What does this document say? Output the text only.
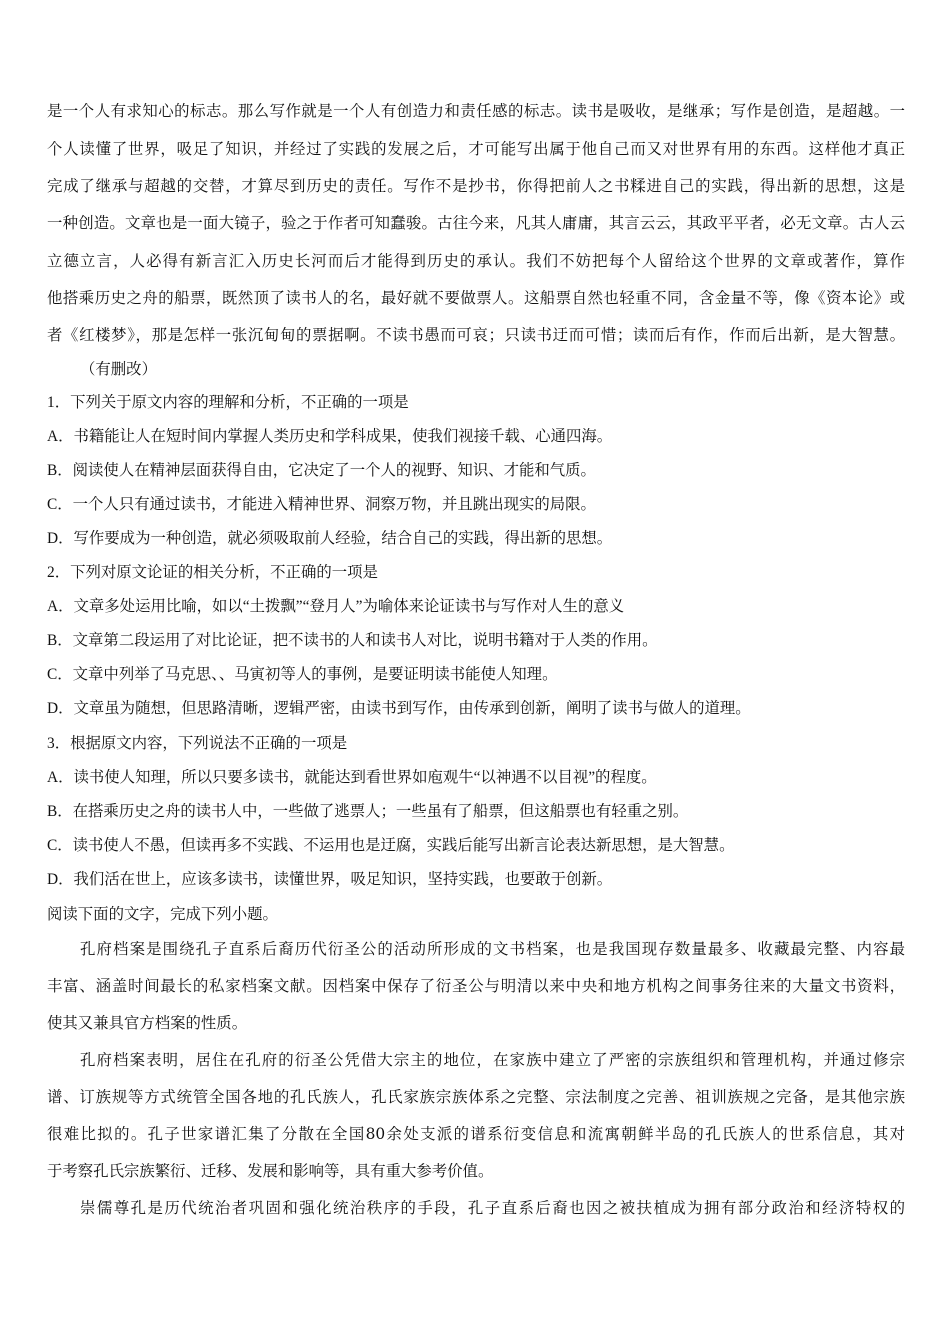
是一个人有求知心的标志。那么写作就是一个人有创造力和责任感的标志。读书是吸收，是继承；写作是创造，是超越。一
个人读懂了世界，吸足了知识，并经过了实践的发展之后，才可能写出属于他自己而又对世界有用的东西。这样他才真正
完成了继承与超越的交替，才算尽到历史的责任。写作不是抄书，你得把前人之书糅进自己的实践，得出新的思想，这是
一种创造。文章也是一面大镜子，验之于作者可知蠢骏。古往今来，凡其人庸庸，其言云云，其政平平者，必无文章。古人云
立德立言，人必得有新言汇入历史长河而后才能得到历史的承认。我们不妨把每个人留给这个世界的文章或著作，算作
他搭乘历史之舟的船票，既然顶了读书人的名，最好就不要做票人。这船票自然也轻重不同，含金量不等，像《资本论》或
者《红楼梦》，那是怎样一张沉甸甸的票据啊。不读书愚而可哀；只读书迂而可惜；读而后有作，作而后出新，是大智慧。
（有删改）
1．下列关于原文内容的理解和分析，不正确的一项是
A．书籍能让人在短时间内掌握人类历史和学科成果，使我们视接千载、心通四海。
B．阅读使人在精神层面获得自由，它决定了一个人的视野、知识、才能和气质。
C．一个人只有通过读书，才能进入精神世界、洞察万物，并且跳出现实的局限。
D．写作要成为一种创造，就必须吸取前人经验，结合自己的实践，得出新的思想。
2．下列对原文论证的相关分析，不正确的一项是
A．文章多处运用比喻，如以“土拨飘”“登月人”为喻体来论证读书与写作对人生的意义
B．文章第二段运用了对比论证，把不读书的人和读书人对比，说明书籍对于人类的作用。
C．文章中列举了马克思、、马寅初等人的事例，是要证明读书能使人知理。
D．文章虽为随想，但思路清晰，逻辑严密，由读书到写作，由传承到创新，阐明了读书与做人的道理。
3．根据原文内容，下列说法不正确的一项是
A．读书使人知理，所以只要多读书，就能达到看世界如庖观牛“以神遇不以目视”的程度。
B．在搭乘历史之舟的读书人中，一些做了逃票人；一些虽有了船票，但这船票也有轻重之别。
C．读书使人不愚，但读再多不实践、不运用也是迂腐，实践后能写出新言论表达新思想，是大智慧。
D．我们活在世上，应该多读书，读懂世界，吸足知识，坚持实践，也要敢于创新。
阅读下面的文字，完成下列小题。
孔府档案是围绕孔子直系后裔历代衍圣公的活动所形成的文书档案，也是我国现存数量最多、收藏最完整、内容最
丰富、涵盖时间最长的私家档案文献。因档案中保存了衍圣公与明清以来中央和地方机构之间事务往来的大量文书资料，
使其又兼具官方档案的性质。
孔府档案表明，居住在孔府的衍圣公凭借大宗主的地位，在家族中建立了严密的宗族组织和管理机构，并通过修宗
谱、订族规等方式统管全国各地的孔氏族人，孔氏家族宗族体系之完整、宗法制度之完善、祖训族规之完备，是其他宗族
很难比拟的。孔子世家谱汇集了分散在全国80余处支派的谱系衍变信息和流寓朝鲜半岛的孔氏族人的世系信息，其对
于考察孔氏宗族繁衍、迁移、发展和影响等，具有重大参考价值。
崇儒尊孔是历代统治者巩固和强化统治秩序的手段，孔子直系后裔也因之被扶植成为拥有部分政治和经济特权的
